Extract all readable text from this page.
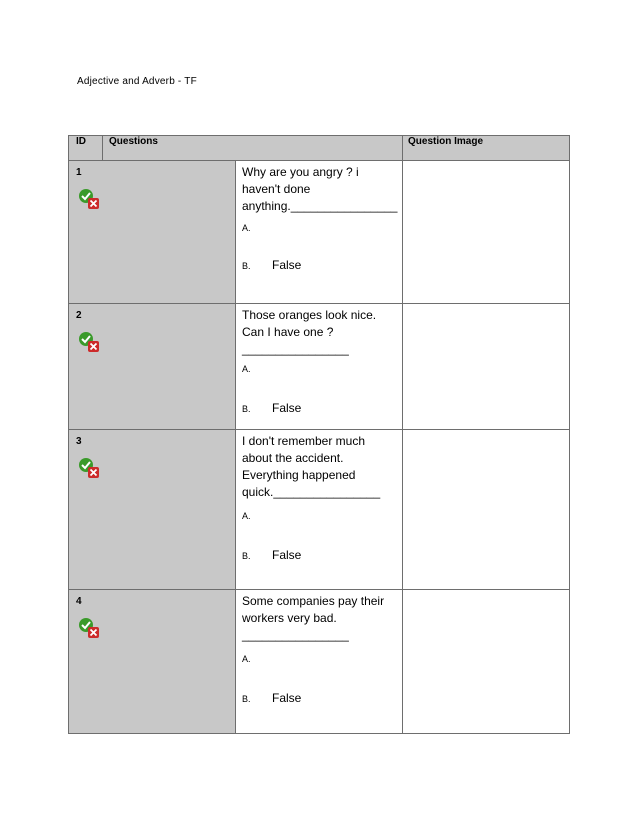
Adjective and Adverb - TF
ID	Questions		Question Image

1		Why are you angry ? i haven't done anything.________________
A.
B. False	

2		Those oranges look nice. Can I have one ?________________
A.
B. False	

3		I don't remember much about the accident. Everything happened quick.________________
A.
B. False	

4		Some companies pay their workers very bad. ________________
A.
B. False	
